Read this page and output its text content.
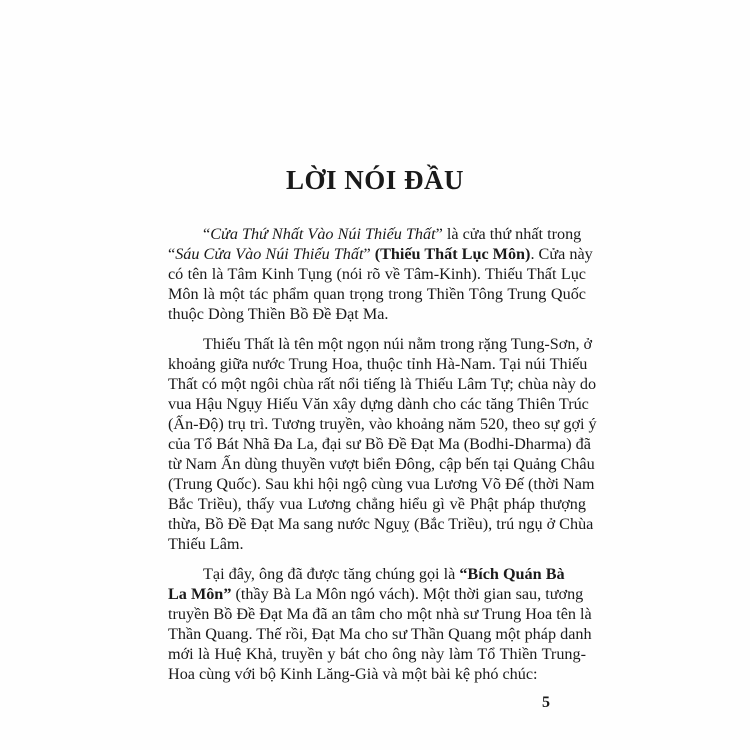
LỜI NÓI ĐẦU
“Cửa Thứ Nhất Vào Núi Thiếu Thất” là cửa thứ nhất trong
“Sáu Cửa Vào Núi Thiếu Thất” (Thiếu Thất Lục Môn). Cửa này
có tên là Tâm Kinh Tụng (nói rõ về Tâm-Kinh). Thiếu Thất Lục
Môn là một tác phẩm quan trọng trong Thiền Tông Trung Quốc
thuộc Dòng Thiền Bồ Đề Đạt Ma.
Thiếu Thất là tên một ngọn núi nằm trong rặng Tung-Sơn, ở
khoảng giữa nước Trung Hoa, thuộc tỉnh Hà-Nam. Tại núi Thiếu
Thất có một ngôi chùa rất nổi tiếng là Thiếu Lâm Tự; chùa này do
vua Hậu Ngụy Hiếu Văn xây dựng dành cho các tăng Thiên Trúc
(Ấn-Độ) trụ trì. Tương truyền, vào khoảng năm 520, theo sự gợi ý
của Tổ Bát Nhã Đa La, đại sư Bồ Đề Đạt Ma (Bodhi-Dharma) đã
từ Nam Ấn dùng thuyền vượt biển Đông, cập bến tại Quảng Châu
(Trung Quốc). Sau khi hội ngộ cùng vua Lương Võ Đế (thời Nam
Bắc Triều), thấy vua Lương chẳng hiểu gì về Phật pháp thượng
thừa, Bồ Đề Đạt Ma sang nước Nguỵ (Bắc Triều), trú ngụ ở Chùa
Thiếu Lâm.
Tại đây, ông đã được tăng chúng gọi là “Bích Quán Bà
La Môn” (thầy Bà La Môn ngó vách). Một thời gian sau, tương
truyền Bồ Đề Đạt Ma đã an tâm cho một nhà sư Trung Hoa tên là
Thần Quang. Thế rồi, Đạt Ma cho sư Thần Quang một pháp danh
mới là Huệ Khả, truyền y bát cho ông này làm Tổ Thiền Trung-
Hoa cùng với bộ Kinh Lăng-Già và một bài kệ phó chúc:
5
